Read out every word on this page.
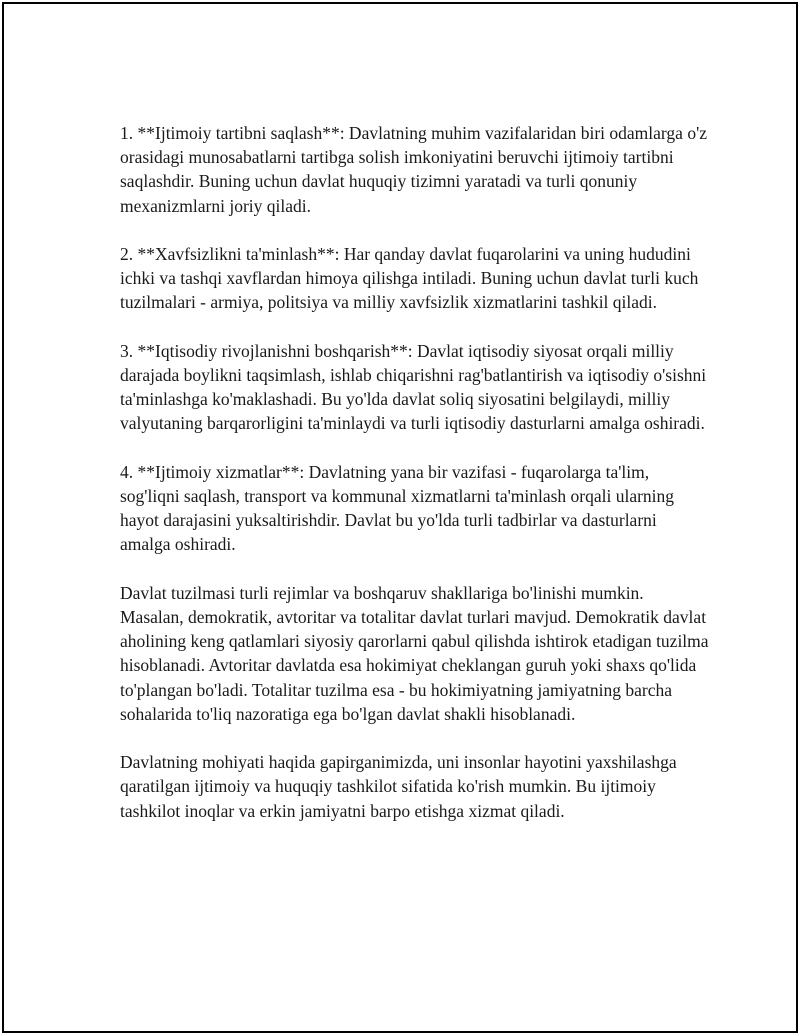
1. **Ijtimoiy tartibni saqlash**: Davlatning muhim vazifalaridan biri odamlarga o'z orasidagi munosabatlarni tartibga solish imkoniyatini beruvchi ijtimoiy tartibni saqlashdir. Buning uchun davlat huquqiy tizimni yaratadi va turli qonuniy mexanizmlarni joriy qiladi.

2. **Xavfsizlikni ta'minlash**: Har qanday davlat fuqarolarini va uning hududini ichki va tashqi xavflardan himoya qilishga intiladi. Buning uchun davlat turli kuch tuzilmalari - armiya, politsiya va milliy xavfsizlik xizmatlarini tashkil qiladi.

3. **Iqtisodiy rivojlanishni boshqarish**: Davlat iqtisodiy siyosat orqali milliy darajada boylikni taqsimlash, ishlab chiqarishni rag'batlantirish va iqtisodiy o'sishni ta'minlashga ko'maklashadi. Bu yo'lda davlat soliq siyosatini belgilaydi, milliy valyutaning barqarorligini ta'minlaydi va turli iqtisodiy dasturlarni amalga oshiradi.

4. **Ijtimoiy xizmatlar**: Davlatning yana bir vazifasi - fuqarolarga ta'lim, sog'liqni saqlash, transport va kommunal xizmatlarni ta'minlash orqali ularning hayot darajasini yuksaltirishdir. Davlat bu yo'lda turli tadbirlar va dasturlarni amalga oshiradi.

Davlat tuzilmasi turli rejimlar va boshqaruv shakllariga bo'linishi mumkin. Masalan, demokratik, avtoritar va totalitar davlat turlari mavjud. Demokratik davlat aholining keng qatlamlari siyosiy qarorlarni qabul qilishda ishtirok etadigan tuzilma hisoblanadi. Avtoritar davlatda esa hokimiyat cheklangan guruh yoki shaxs qo'lida to'plangan bo'ladi. Totalitar tuzilma esa - bu hokimiyatning jamiyatning barcha sohalarida to'liq nazoratiga ega bo'lgan davlat shakli hisoblanadi.

Davlatning mohiyati haqida gapirganimizda, uni insonlar hayotini yaxshilashga qaratilgan ijtimoiy va huquqiy tashkilot sifatida ko'rish mumkin. Bu ijtimoiy tashkilot inoqlar va erkin jamiyatni barpo etishga xizmat qiladi.
